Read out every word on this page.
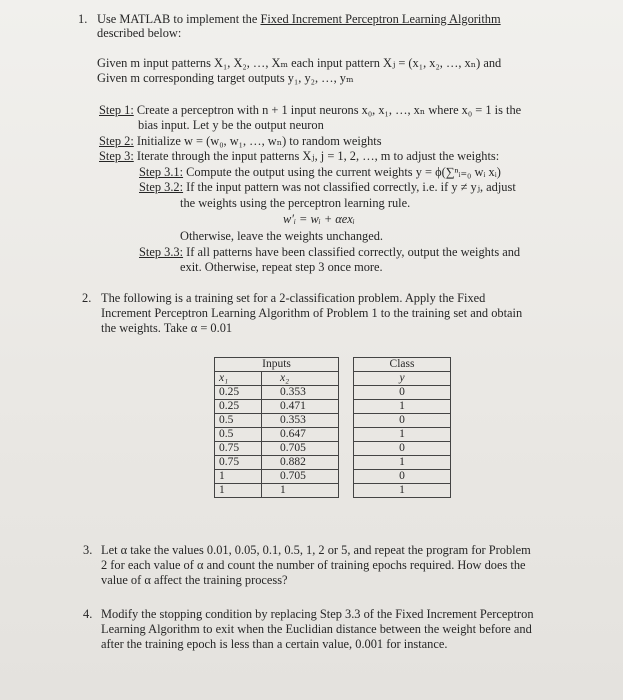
1. Use MATLAB to implement the Fixed Increment Perceptron Learning Algorithm
described below:
Given m input patterns X₁, X₂, …, Xₘ each input pattern Xⱼ = (x₁, x₂, …, xₙ) and
Given m corresponding target outputs y₁, y₂, …, yₘ
Step 1: Create a perceptron with n + 1 input neurons x₀, x₁, …, xₙ where x₀ = 1 is the
bias input. Let y be the output neuron
Step 2: Initialize w = (w₀, w₁, …, wₙ) to random weights
Step 3: Iterate through the input patterns Xⱼ, j = 1, 2, …, m to adjust the weights:
Step 3.1: Compute the output using the current weights y = ϕ(∑ⁿᵢ₌₀ wᵢ xᵢ)
Step 3.2: If the input pattern was not classified correctly, i.e. if y ≠ yⱼ, adjust
the weights using the perceptron learning rule.
w′ᵢ = wᵢ + αexᵢ
Otherwise, leave the weights unchanged.
Step 3.3: If all patterns have been classified correctly, output the weights and
exit. Otherwise, repeat step 3 once more.
2. The following is a training set for a 2-classification problem. Apply the Fixed
Increment Perceptron Learning Algorithm of Problem 1 to the training set and obtain
the weights. Take α = 0.01
Inputs			Class
x₁	x₂		y
0.25	0.353		0
0.25	0.471		1
0.5	0.353		0
0.5	0.647		1
0.75	0.705		0
0.75	0.882		1
1	0.705		0
1	1		1
3. Let α take the values 0.01, 0.05, 0.1, 0.5, 1, 2 or 5, and repeat the program for Problem
2 for each value of α and count the number of training epochs required. How does the
value of α affect the training process?
4. Modify the stopping condition by replacing Step 3.3 of the Fixed Increment Perceptron
Learning Algorithm to exit when the Euclidian distance between the weight before and
after the training epoch is less than a certain value, 0.001 for instance.
